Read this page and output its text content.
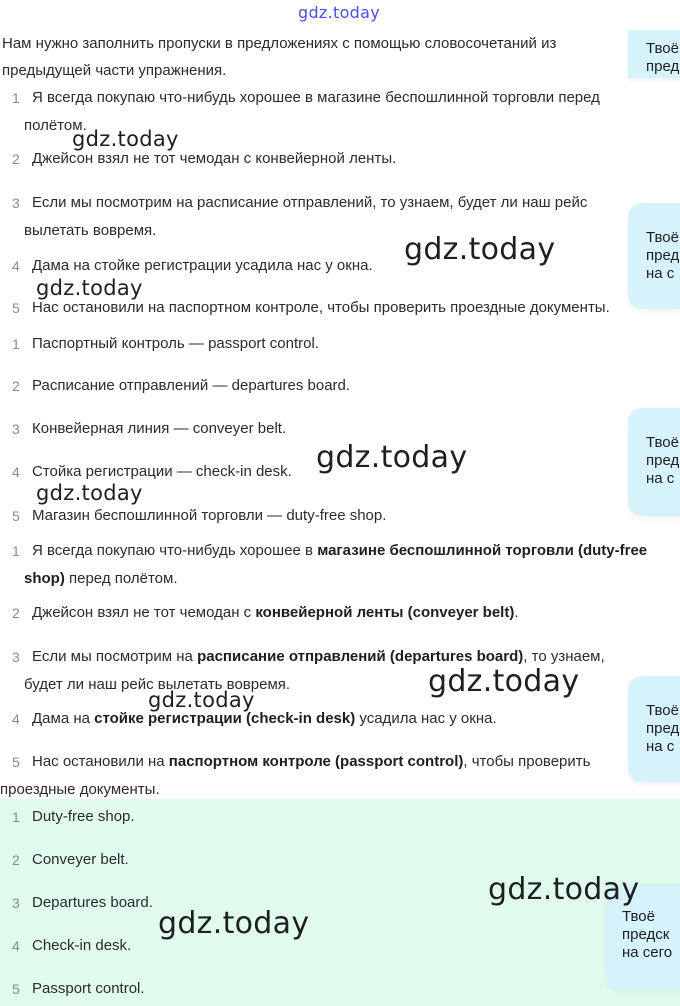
gdz.today
Нам нужно заполнить пропуски в предложениях с помощью словосочетаний из предыдущей части упражнения.
1 Я всегда покупаю что-нибудь хорошее в магазине беспошлинной торговли перед полётом.
2 Джейсон взял не тот чемодан с конвейерной ленты.
3 Если мы посмотрим на расписание отправлений, то узнаем, будет ли наш рейс вылетать вовремя.
4 Дама на стойке регистрации усадила нас у окна.
5 Нас остановили на паспортном контроле, чтобы проверить проездные документы.
1 Паспортный контроль — passport control.
2 Расписание отправлений — departures board.
3 Конвейерная линия — conveyer belt.
4 Стойка регистрации — check-in desk.
5 Магазин беспошлинной торговли — duty-free shop.
1 Я всегда покупаю что-нибудь хорошее в магазине беспошлинной торговли (duty-free shop) перед полётом.
2 Джейсон взял не тот чемодан с конвейерной ленты (conveyer belt).
3 Если мы посмотрим на расписание отправлений (departures board), то узнаем, будет ли наш рейс вылетать вовремя.
4 Дама на стойке регистрации (check-in desk) усадила нас у окна.
5 Нас остановили на паспортном контроле (passport control), чтобы проверить проездные документы.
1 Duty-free shop.
2 Conveyer belt.
3 Departures board.
4 Check-in desk.
5 Passport control.
Твоё
пред
Твоё
пред
на с
Твоё
пред
на с
Твоё
пред
на с
Твоё
предск
на сего
gdz.today
gdz.today
gdz.today
gdz.today
gdz.today
gdz.today
gdz.today
gdz.today
gdz.today
